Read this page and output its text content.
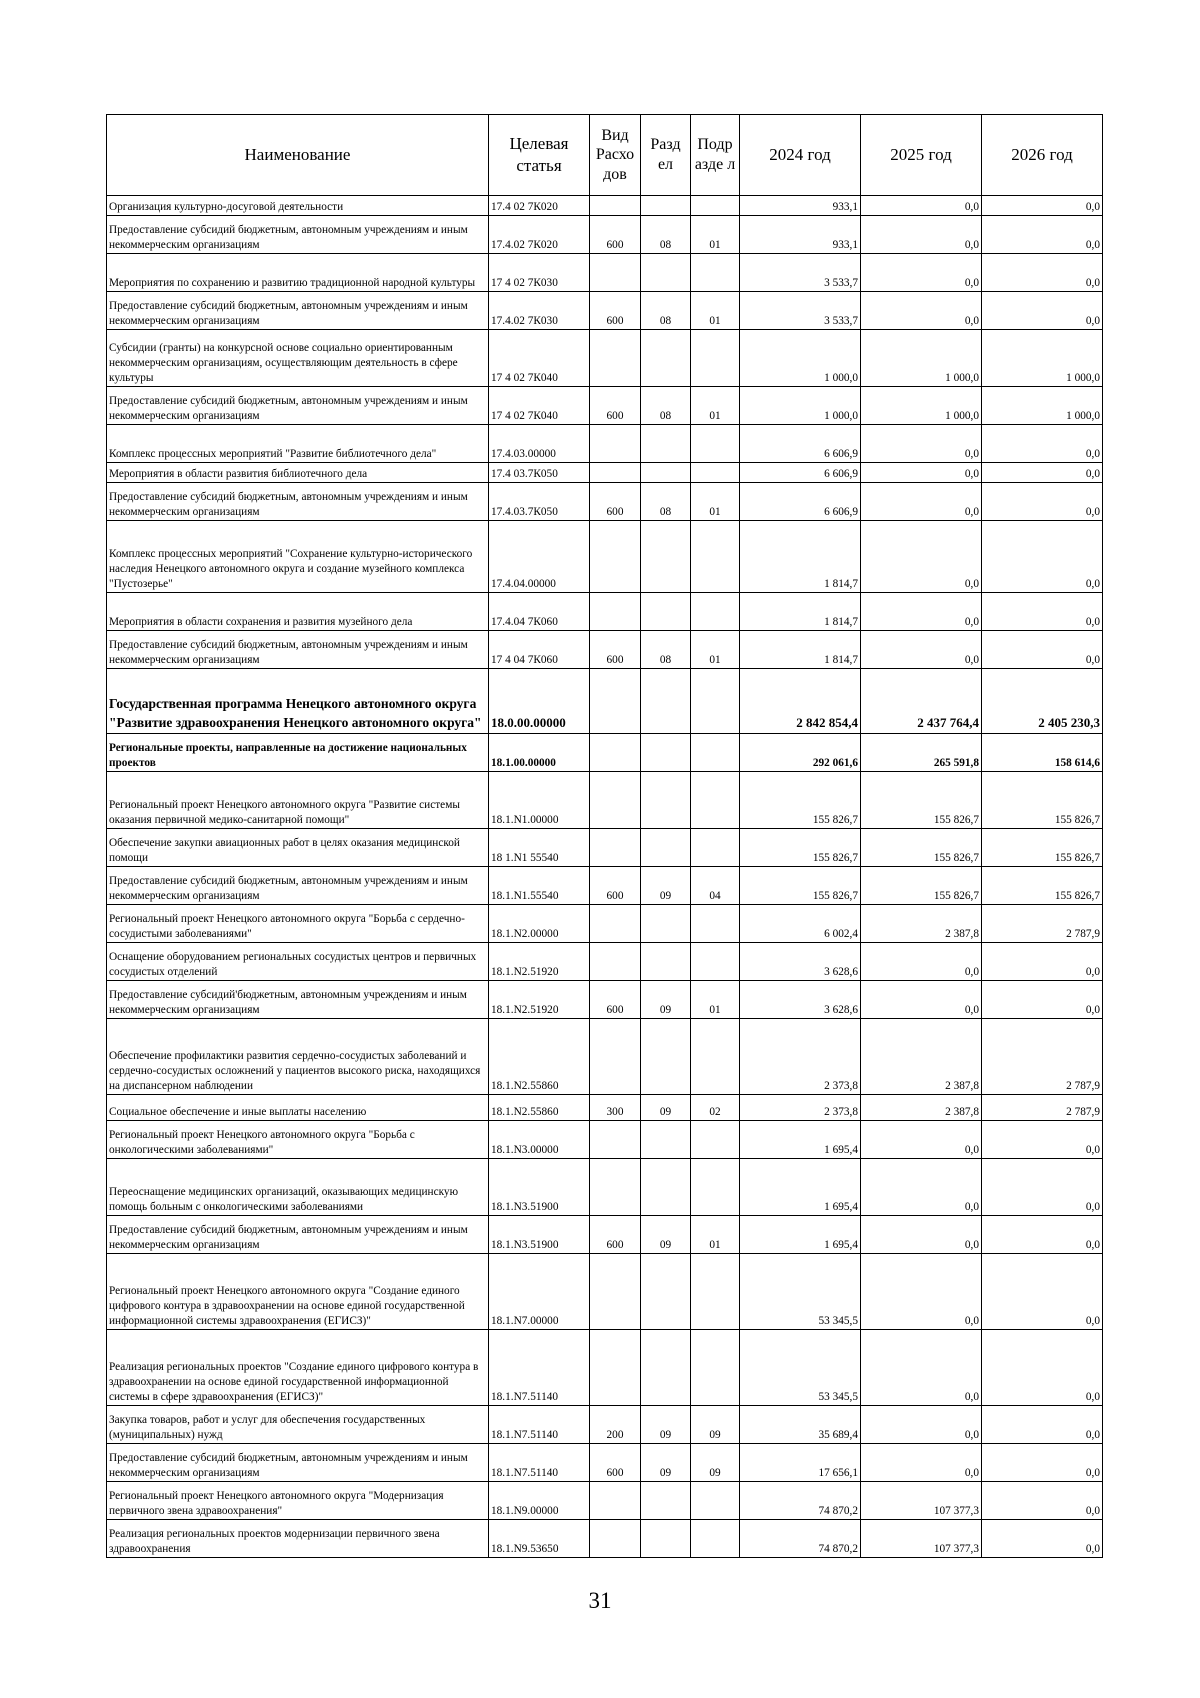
Наименование	Целевая статья	Вид Расхо дов	Разд ел	Подр азде л	2024 год	2025 год	2026 год
Организация культурно-досуговой деятельности	17.4 02 7К020				933,1	0,0	0,0
Предоставление субсидий бюджетным, автономным учреждениям и иным некоммерческим организациям	17.4.02 7К020	600	08	01	933,1	0,0	0,0
Мероприятия по сохранению и развитию традиционной народной культуры	17 4 02 7К030				3 533,7	0,0	0,0
Предоставление субсидий бюджетным, автономным учреждениям и иным некоммерческим организациям	17.4.02 7К030	600	08	01	3 533,7	0,0	0,0
Субсидии (гранты) на конкурсной основе социально ориентированным некоммерческим организациям, осуществляющим деятельность в сфере культуры	17 4 02 7К040				1 000,0	1 000,0	1 000,0
Предоставление субсидий бюджетным, автономным учреждениям и иным некоммерческим организациям	17 4 02 7К040	600	08	01	1 000,0	1 000,0	1 000,0
Комплекс процессных мероприятий "Развитие библиотечного дела"	17.4.03.00000				6 606,9	0,0	0,0
Мероприятия в области развития библиотечного дела	17.4 03.7К050				6 606,9	0,0	0,0
Предоставление субсидий бюджетным, автономным учреждениям и иным некоммерческим организациям	17.4.03.7К050	600	08	01	6 606,9	0,0	0,0
Комплекс процессных мероприятий "Сохранение культурно-исторического наследия Ненецкого автономного округа и создание музейного комплекса "Пустозерье"	17.4.04.00000				1 814,7	0,0	0,0
Мероприятия в области сохранения и развития музейного дела	17.4.04 7К060				1 814,7	0,0	0,0
Предоставление субсидий бюджетным, автономным учреждениям и иным некоммерческим организациям	17 4 04 7К060	600	08	01	1 814,7	0,0	0,0
Государственная программа Ненецкого автономного округа "Развитие здравоохранения Ненецкого автономного округа"	18.0.00.00000				2 842 854,4	2 437 764,4	2 405 230,3
Региональные проекты, направленные на достижение национальных проектов	18.1.00.00000				292 061,6	265 591,8	158 614,6
Региональный проект Ненецкого автономного округа "Развитие системы оказания первичной медико-санитарной помощи"	18.1.N1.00000				155 826,7	155 826,7	155 826,7
Обеспечение закупки авиационных работ в целях оказания медицинской помощи	18 1.N1 55540				155 826,7	155 826,7	155 826,7
Предоставление субсидий бюджетным, автономным учреждениям и иным некоммерческим организациям	18.1.N1.55540	600	09	04	155 826,7	155 826,7	155 826,7
Региональный проект Ненецкого автономного округа "Борьба с сердечно-сосудистыми заболеваниями"	18.1.N2.00000				6 002,4	2 387,8	2 787,9
Оснащение оборудованием региональных сосудистых центров и первичных сосудистых отделений	18.1.N2.51920				3 628,6	0,0	0,0
Предоставление субсидий'бюджетным, автономным учреждениям и иным некоммерческим организациям	18.1.N2.51920	600	09	01	3 628,6	0,0	0,0
Обеспечение профилактики развития сердечно-сосудистых заболеваний и сердечно-сосудистых осложнений у пациентов высокого риска, находящихся на диспансерном наблюдении	18.1.N2.55860				2 373,8	2 387,8	2 787,9
Социальное обеспечение и иные выплаты населению	18.1.N2.55860	300	09	02	2 373,8	2 387,8	2 787,9
Региональный проект Ненецкого автономного округа "Борьба с онкологическими заболеваниями"	18.1.N3.00000				1 695,4	0,0	0,0
Переоснащение медицинских организаций, оказывающих медицинскую помощь больным с онкологическими заболеваниями	18.1.N3.51900				1 695,4	0,0	0,0
Предоставление субсидий бюджетным, автономным учреждениям и иным некоммерческим организациям	18.1.N3.51900	600	09	01	1 695,4	0,0	0,0
Региональный проект Ненецкого автономного округа "Создание единого цифрового контура в здравоохранении на основе единой государственной информационной системы здравоохранения (ЕГИСЗ)"	18.1.N7.00000				53 345,5	0,0	0,0
Реализация региональных проектов "Создание единого цифрового контура в здравоохранении на основе единой государственной информационной системы в сфере здравоохранения (ЕГИСЗ)"	18.1.N7.51140				53 345,5	0,0	0,0
Закупка товаров, работ и услуг для обеспечения государственных (муниципальных) нужд	18.1.N7.51140	200	09	09	35 689,4	0,0	0,0
Предоставление субсидий бюджетным, автономным учреждениям и иным некоммерческим организациям	18.1.N7.51140	600	09	09	17 656,1	0,0	0,0
Региональный проект Ненецкого автономного округа "Модернизация первичного звена здравоохранения"	18.1.N9.00000				74 870,2	107 377,3	0,0
Реализация региональных проектов модернизации первичного звена здравоохранения	18.1.N9.53650				74 870,2	107 377,3	0,0
31
